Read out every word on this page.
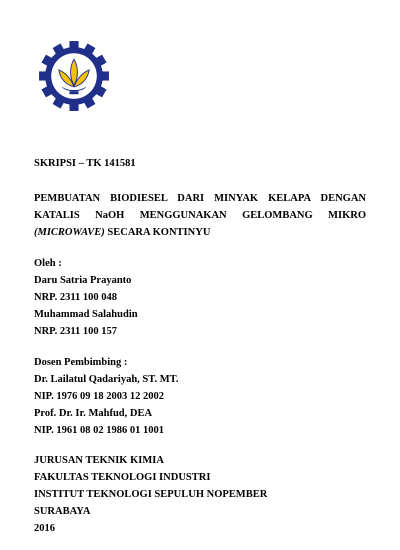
SKRIPSI – TK 141581
PEMBUATAN BIODIESEL DARI MINYAK KELAPA DENGAN KATALIS NaOH MENGGUNAKAN GELOMBANG MIKRO (MICROWAVE) SECARA KONTINYU
Oleh :
Daru Satria Prayanto
NRP. 2311 100 048
Muhammad Salahudin
NRP. 2311 100 157
Dosen Pembimbing :
Dr. Lailatul Qadariyah, ST. MT.
NIP. 1976 09 18 2003 12 2002
Prof. Dr. Ir. Mahfud, DEA
NIP. 1961 08 02 1986 01 1001
JURUSAN TEKNIK KIMIA
FAKULTAS TEKNOLOGI INDUSTRI
INSTITUT TEKNOLOGI SEPULUH NOPEMBER
SURABAYA
2016
